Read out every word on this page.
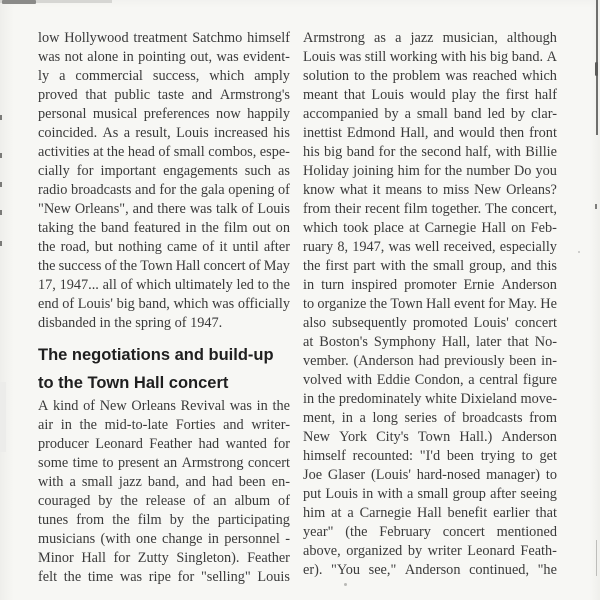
low Hollywood treatment Satchmo himself
was not alone in pointing out, was evident-
ly a commercial success, which amply
proved that public taste and Armstrong's
personal musical preferences now happily
coincided. As a result, Louis increased his
activities at the head of small combos, espe-
cially for important engagements such as
radio broadcasts and for the gala opening of
"New Orleans", and there was talk of Louis
taking the band featured in the film out on
the road, but nothing came of it until after
the success of the Town Hall concert of May
17, 1947... all of which ultimately led to the
end of Louis' big band, which was officially
disbanded in the spring of 1947.
The negotiations and build-up
to the Town Hall concert
A kind of New Orleans Revival was in the
air in the mid-to-late Forties and writer-
producer Leonard Feather had wanted for
some time to present an Armstrong concert
with a small jazz band, and had been en-
couraged by the release of an album of
tunes from the film by the participating
musicians (with one change in personnel -
Minor Hall for Zutty Singleton). Feather
felt the time was ripe for "selling" Louis
Armstrong as a jazz musician, although
Louis was still working with his big band. A
solution to the problem was reached which
meant that Louis would play the first half
accompanied by a small band led by clar-
inettist Edmond Hall, and would then front
his big band for the second half, with Billie
Holiday joining him for the number Do you
know what it means to miss New Orleans?
from their recent film together. The concert,
which took place at Carnegie Hall on Feb-
ruary 8, 1947, was well received, especially
the first part with the small group, and this
in turn inspired promoter Ernie Anderson
to organize the Town Hall event for May. He
also subsequently promoted Louis' concert
at Boston's Symphony Hall, later that No-
vember. (Anderson had previously been in-
volved with Eddie Condon, a central figure
in the predominately white Dixieland move-
ment, in a long series of broadcasts from
New York City's Town Hall.) Anderson
himself recounted: "I'd been trying to get
Joe Glaser (Louis' hard-nosed manager) to
put Louis in with a small group after seeing
him at a Carnegie Hall benefit earlier that
year" (the February concert mentioned
above, organized by writer Leonard Feath-
er). "You see," Anderson continued, "he
